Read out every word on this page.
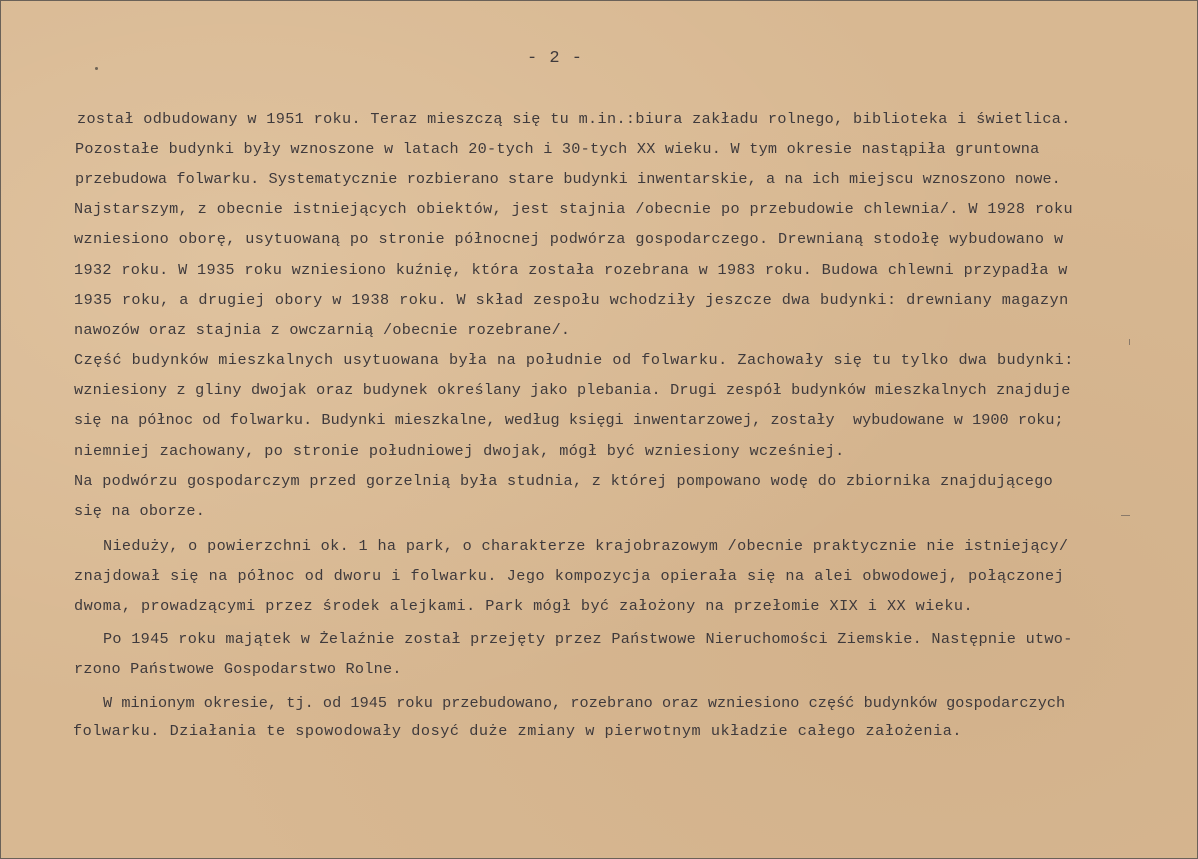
- 2 -
został odbudowany w 1951 roku. Teraz mieszczą się tu m.in.:biura zakładu rolnego, biblioteka i świetlica.
Pozostałe budynki były wznoszone w latach 20-tych i 30-tych XX wieku. W tym okresie nastąpiła gruntowna
przebudowa folwarku. Systematycznie rozbierano stare budynki inwentarskie, a na ich miejscu wznoszono nowe.
Najstarszym, z obecnie istniejących obiektów, jest stajnia /obecnie po przebudowie chlewnia/. W 1928 roku
wzniesiono oborę, usytuowaną po stronie północnej podwórza gospodarczego. Drewnianą stodołę wybudowano w
1932 roku. W 1935 roku wzniesiono kuźnię, która została rozebrana w 1983 roku. Budowa chlewni przypadła w
1935 roku, a drugiej obory w 1938 roku. W skład zespołu wchodziły jeszcze dwa budynki: drewniany magazyn
nawozów oraz stajnia z owczarnią /obecnie rozebrane/.
Część budynków mieszkalnych usytuowana była na południe od folwarku. Zachowały się tu tylko dwa budynki:
wzniesiony z gliny dwojak oraz budynek określany jako plebania. Drugi zespół budynków mieszkalnych znajduje
się na północ od folwarku. Budynki mieszkalne, według księgi inwentarzowej, zostały  wybudowane w 1900 roku;
niemniej zachowany, po stronie południowej dwojak, mógł być wzniesiony wcześniej.
Na podwórzu gospodarczym przed gorzelnią była studnia, z której pompowano wodę do zbiornika znajdującego
się na oborze.
Nieduży, o powierzchni ok. 1 ha park, o charakterze krajobrazowym /obecnie praktycznie nie istniejący/
znajdował się na północ od dworu i folwarku. Jego kompozycja opierała się na alei obwodowej, połączonej
dwoma, prowadzącymi przez środek alejkami. Park mógł być założony na przełomie XIX i XX wieku.
Po 1945 roku majątek w Żelaźnie został przejęty przez Państwowe Nieruchomości Ziemskie. Następnie utwo-
rzono Państwowe Gospodarstwo Rolne.
W minionym okresie, tj. od 1945 roku przebudowano, rozebrano oraz wzniesiono część budynków gospodarczych
folwarku. Działania te spowodowały dosyć duże zmiany w pierwotnym układzie całego założenia.
